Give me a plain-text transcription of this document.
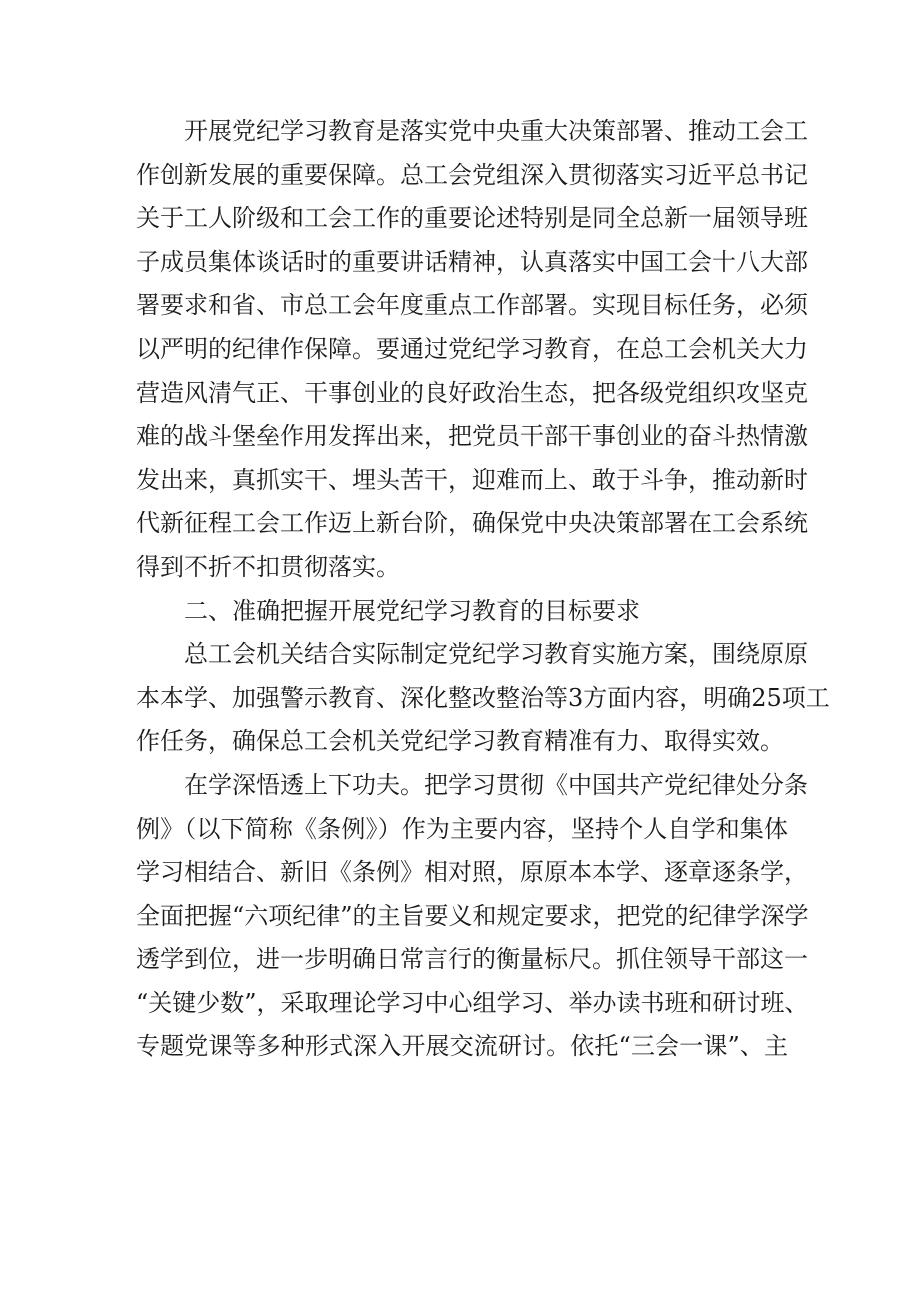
开展党纪学习教育是落实党中央重大决策部署、推动工会工
作创新发展的重要保障。总工会党组深入贯彻落实习近平总书记
关于工人阶级和工会工作的重要论述特别是同全总新一届领导班
子成员集体谈话时的重要讲话精神，认真落实中国工会十八大部
署要求和省、市总工会年度重点工作部署。实现目标任务，必须
以严明的纪律作保障。要通过党纪学习教育，在总工会机关大力
营造风清气正、干事创业的良好政治生态，把各级党组织攻坚克
难的战斗堡垒作用发挥出来，把党员干部干事创业的奋斗热情激
发出来，真抓实干、埋头苦干，迎难而上、敢于斗争，推动新时
代新征程工会工作迈上新台阶，确保党中央决策部署在工会系统
得到不折不扣贯彻落实。
二、准确把握开展党纪学习教育的目标要求
总工会机关结合实际制定党纪学习教育实施方案，围绕原原
本本学、加强警示教育、深化整改整治等3方面内容，明确25项工
作任务，确保总工会机关党纪学习教育精准有力、取得实效。
在学深悟透上下功夫。把学习贯彻《中国共产党纪律处分条
例》（以下简称《条例》）作为主要内容，坚持个人自学和集体
学习相结合、新旧《条例》相对照，原原本本学、逐章逐条学，
全面把握“六项纪律”的主旨要义和规定要求，把党的纪律学深学
透学到位，进一步明确日常言行的衡量标尺。抓住领导干部这一
“关键少数”，采取理论学习中心组学习、举办读书班和研讨班、
专题党课等多种形式深入开展交流研讨。依托“三会一课”、主
